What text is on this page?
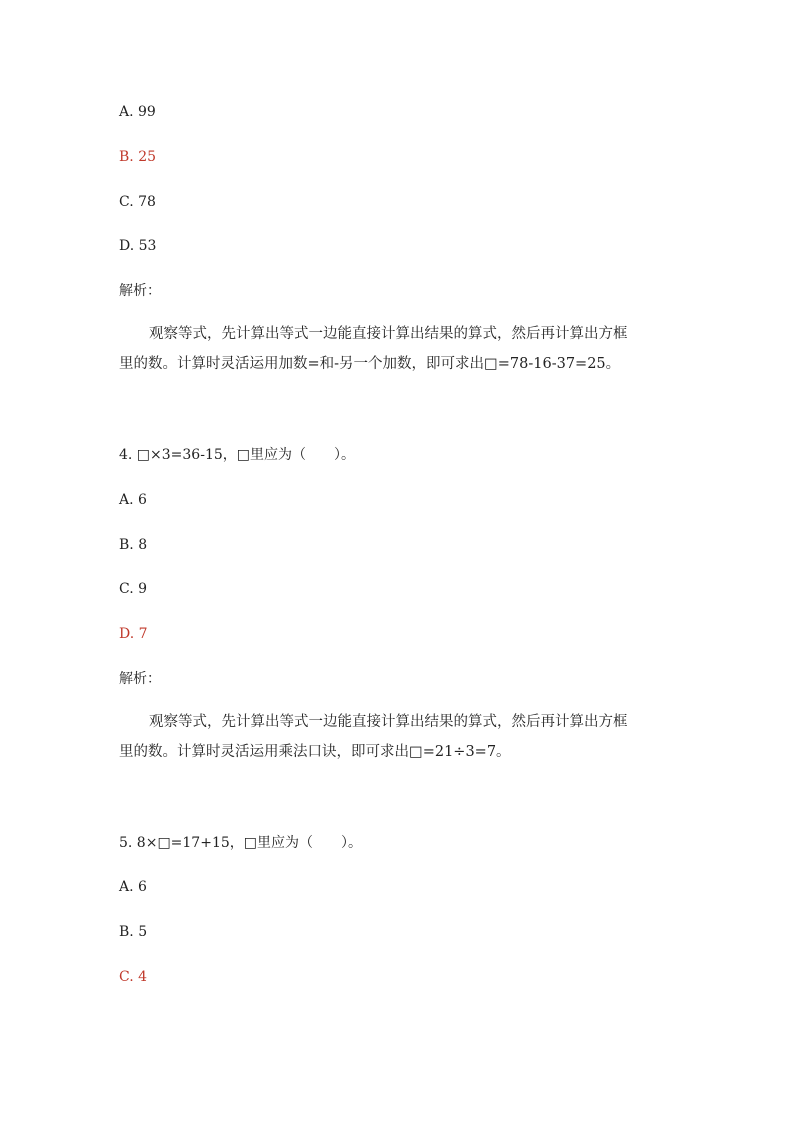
A. 99
B. 25
C. 78
D. 53
解析：
观察等式，先计算出等式一边能直接计算出结果的算式，然后再计算出方框
里的数。计算时灵活运用加数=和-另一个加数，即可求出□=78-16-37=25。
4. □×3=36-15，□里应为（　　）。
A. 6
B. 8
C. 9
D. 7
解析：
观察等式，先计算出等式一边能直接计算出结果的算式，然后再计算出方框
里的数。计算时灵活运用乘法口诀，即可求出□=21÷3=7。
5. 8×□=17+15，□里应为（　　）。
A. 6
B. 5
C. 4
